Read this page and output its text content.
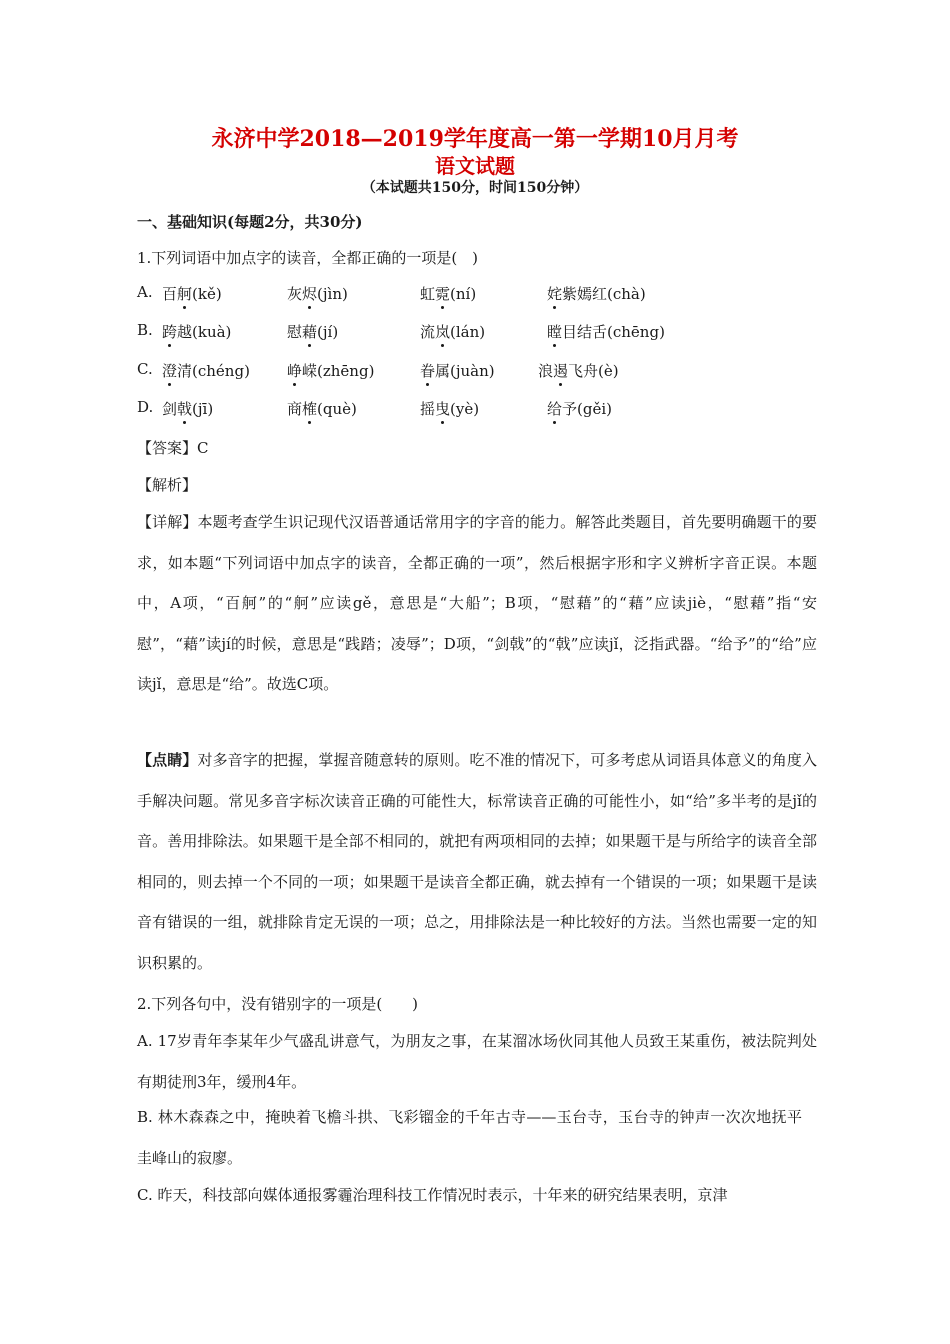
永济中学2018—2019学年度高一第一学期10月月考
语文试题
（本试题共150分，时间150分钟）
一、基础知识(每题2分，共30分)
1.下列词语中加点字的读音，全都正确的一项是(　)
A. 百舸(kě)	灰烬(jìn)	虹霓(ní)	姹紫嫣红(chà)
B. 跨越(kuà)	慰藉(jí)	流岚(lán)	瞠目结舌(chēng)
C. 澄清(chéng) 峥嵘(zhēng)	眷属(juàn)	浪遏飞舟(è)
D. 剑戟(jī)	商榷(què)	摇曳(yè)	给予(gěi)
【答案】C
【解析】
【详解】本题考查学生识记现代汉语普通话常用字的字音的能力。解答此类题目，首先要明确题干的要求，如本题“下列词语中加点字的读音，全都正确的一项”，然后根据字形和字义辨析字音正误。本题中，A项，“百舸”的“舸”应读gě，意思是“大船”；B项，“慰藉”的“藉”应读jiè，“慰藉”指“安慰”，“藉”读jí的时候，意思是“践踏；凌辱”；D项，“剑戟”的“戟”应读jǐ，泛指武器。“给予”的“给”应读jǐ，意思是“给”。故选C项。
【点睛】对多音字的把握，掌握音随意转的原则。吃不准的情况下，可多考虑从词语具体意义的角度入手解决问题。常见多音字标次读音正确的可能性大，标常读音正确的可能性小，如“给”多半考的是jǐ的音。善用排除法。如果题干是全部不相同的，就把有两项相同的去掉；如果题干是与所给字的读音全部相同的，则去掉一个不同的一项；如果题干是读音全都正确，就去掉有一个错误的一项；如果题干是读音有错误的一组，就排除肯定无误的一项；总之，用排除法是一种比较好的方法。当然也需要一定的知识积累的。
2.下列各句中，没有错别字的一项是(　　)
A. 17岁青年李某年少气盛乱讲意气，为朋友之事，在某溜冰场伙同其他人员致王某重伤，被法院判处有期徒刑3年，缓刑4年。
B. 林木森森之中，掩映着飞檐斗拱、飞彩镏金的千年古寺——玉台寺，玉台寺的钟声一次次地抚平圭峰山的寂廖。
C. 昨天，科技部向媒体通报雾霾治理科技工作情况时表示，十年来的研究结果表明，京津
